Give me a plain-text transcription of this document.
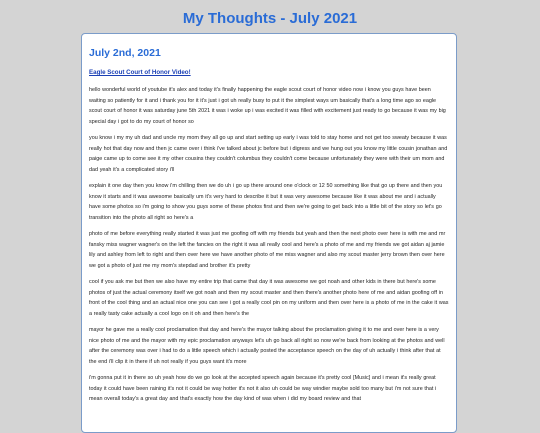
My Thoughts - July 2021
July 2nd, 2021
Eagle Scout Court of Honor Video!

hello wonderful world of youtube it's alex and today it's finally happening the eagle scout court of honor video now i know you guys have been waiting so patiently for it and i thank you for it it's just i got uh really busy to put it the simplest ways um basically that's a long time ago so eagle scout court of honor it was saturday june 5th 2021 it was i woke up i was excited it was filled with excitement just ready to go because it was my big special day i got to do my court of honor so

you know i my my uh dad and uncle my mom they all go up and start setting up early i was told to stay home and not get too sweaty because it was really hot that day now and then jc came over i think i've talked about jc before but i digress and we hung out you know my little cousin jonathan and paige came up to come see it my other cousins they couldn't columbus they couldn't come because unfortunately they were with their um mom and dad yeah it's a complicated story i'll

explain it one day then you know i'm chilling then we do uh i go up there around one o'clock or 12 50 something like that go up there and then you know it starts and it was awesome basically um it's very hard to describe it but it was very awesome because like it was about me and i actually have some photos so i'm going to show you guys some of these photos first and then we're going to get back into a little bit of the story so let's go transition into the photo all right so here's a

photo of me before everything really started it was just me goofing off with my friends but yeah and then the next photo over here is with me and mr fansky miss wagner wagner's on the left the fancies on the right it was all really cool and here's a photo of me and my friends we got aidan aj jamie lily and ashley from left to right and then over here we have another photo of me miss wagner and also my scout master jerry brown then over here we got a photo of just me my mom's stepdad and brother it's pretty

cool if you ask me but then we also have my entire trip that came that day it was awesome we got noah and other kids in there but here's some photos of just the actual ceremony itself we got noah and then my scout master and then there's another photo here of me and aidan goofing off in front of the cool thing and an actual nice one you can see i got a really cool pin on my uniform and then over here is a photo of me in the cake it was a really tasty cake actually a cool logo on it oh and then here's the

mayor he gave me a really cool proclamation that day and here's the mayor talking about the proclamation giving it to me and over here is a very nice photo of me and the mayor with my epic proclamation anyways let's uh go back all right so now we're back from looking at the photos and well after the ceremony was over i had to do a little speech which i actually posted the acceptance speech on the day of uh actually i think after that at the end i'll clip it in there if uh not really if you guys want it's more

i'm gonna put it in there so uh yeah how do we go look at the accepted speech again because it's pretty cool [Music] and i mean it's really great today it could have been raining it's not it could be way hotter it's not it also uh could be way windier maybe sold too many but i'm not sure that i mean overall today's a great day and that's exactly how the day kind of was when i did my board review and that
